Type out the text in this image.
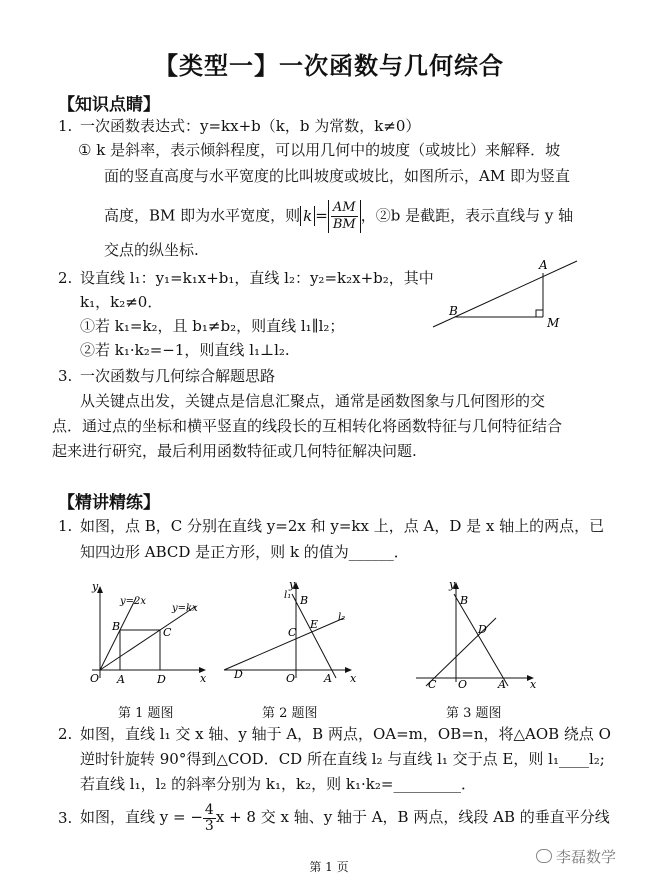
【类型一】一次函数与几何综合
【知识点睛】
1. 一次函数表达式：y=kx+b（k，b 为常数，k≠0）
① k 是斜率，表示倾斜程度，可以用几何中的坡度（或坡比）来解释．坡
面的竖直高度与水平宽度的比叫坡度或坡比，如图所示，AM 即为竖直
高度，BM 即为水平宽度，则 $k = \frac{AM}{BM}$ ，②b 是截距，表示直线与 y 轴
交点的纵坐标.
2. 设直线 l₁：y₁=k₁x+b₁，直线 l₂：y₂=k₂x+b₂，其中
k₁，k₂≠0．
①若 k₁=k₂，且 b₁≠b₂，则直线 l₁∥l₂；
②若 k₁·k₂=−1，则直线 l₁⊥l₂.
A
B
M
3. 一次函数与几何综合解题思路
从关键点出发，关键点是信息汇聚点，通常是函数图象与几何图形的交
点．通过点的坐标和横平竖直的线段长的互相转化将函数特征与几何特征结合
起来进行研究，最后利用函数特征或几何特征解决问题.
【精讲精练】
1. 如图，点 B，C 分别在直线 y=2x 和 y=kx 上，点 A，D 是 x 轴上的两点，已
知四边形 ABCD 是正方形，则 k 的值为______．
y
x
O A
B	C
D
y=2x
y=kx
y
x
O	A
B
C
D
E
l₁
l₂
y
x
O	A
B
C
D
第 1 题图	第 2 题图	第 3 题图
2. 如图，直线 l₁ 交 x 轴、y 轴于 A，B 两点，OA=m，OB=n，将△AOB 绕点 O
逆时针旋转 90°得到△COD．CD 所在直线 l₂ 与直线 l₁ 交于点 E，则 l₁____l₂;
若直线 l₁，l₂ 的斜率分别为 k₁，k₂，则 k₁·k₂=_________．
3. 如图，直线 y = − $\frac{4}{3}$ x + 8 交 x 轴、y 轴于 A，B 两点，线段 AB 的垂直平分线
第 1 页
李磊数学
